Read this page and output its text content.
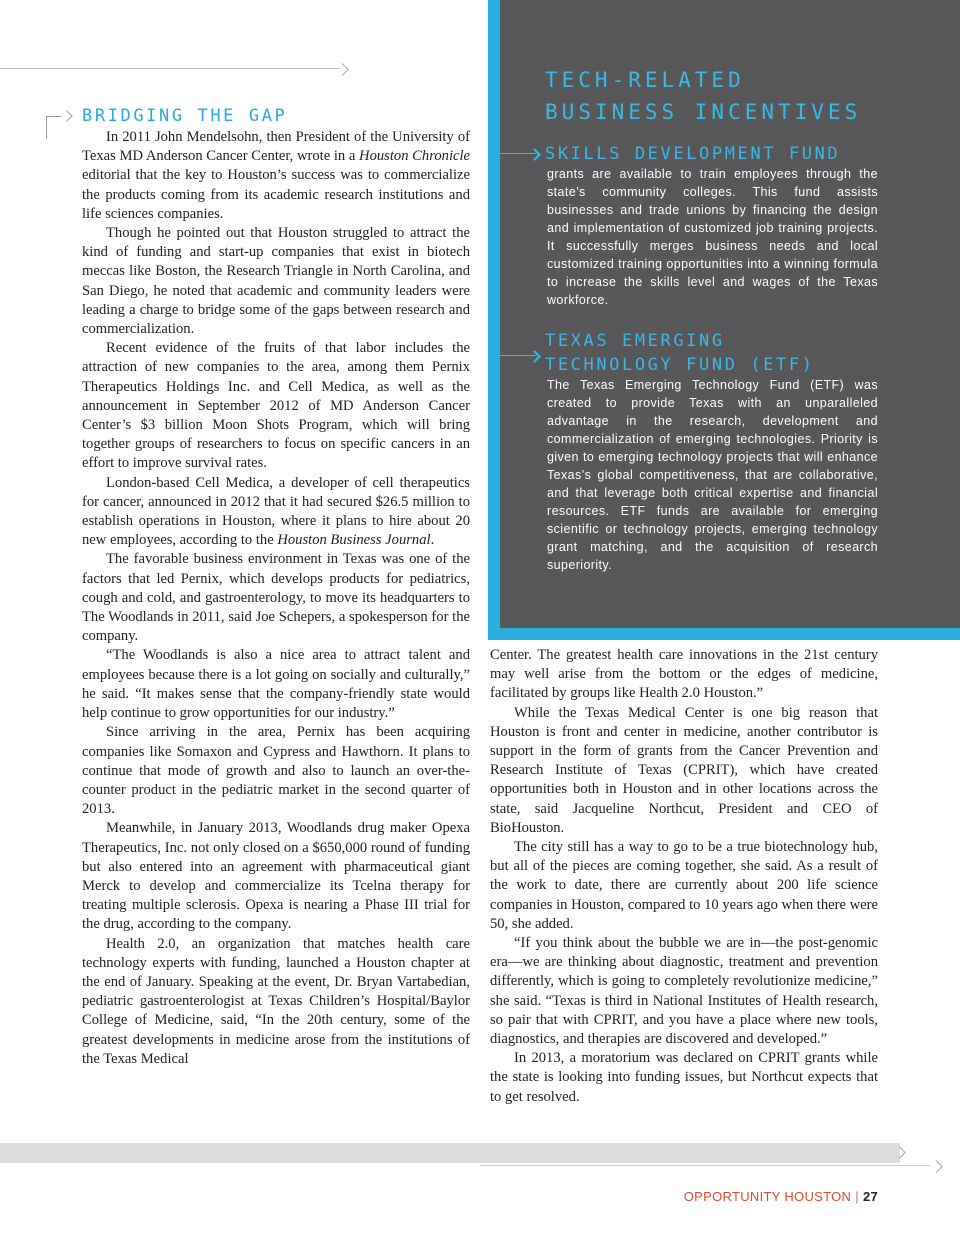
TECH-RELATED
BUSINESS INCENTIVES
SKILLS DEVELOPMENT FUND
grants are available to train employees through the state’s community colleges. This fund assists businesses and trade unions by financing the design and implementation of customized job training projects. It successfully merges business needs and local customized training opportunities into a winning formula to increase the skills level and wages of the Texas workforce.
TEXAS EMERGING
TECHNOLOGY FUND (ETF)
The Texas Emerging Technology Fund (ETF) was created to provide Texas with an unparalleled advantage in the research, development and commercialization of emerging technologies. Priority is given to emerging technology projects that will enhance Texas’s global competitiveness, that are collaborative, and that leverage both critical expertise and financial resources. ETF funds are available for emerging scientific or technology projects, emerging technology grant matching, and the acquisition of research superiority.
BRIDGING THE GAP

In 2011 John Mendelsohn, then President of the University of Texas MD Anderson Cancer Center, wrote in a Houston Chronicle editorial that the key to Houston’s success was to commercialize the products coming from its academic research institutions and life sciences companies.

Though he pointed out that Houston struggled to attract the kind of funding and start-up companies that exist in biotech meccas like Boston, the Research Triangle in North Carolina, and San Diego, he noted that academic and community leaders were leading a charge to bridge some of the gaps between research and commercialization.

Recent evidence of the fruits of that labor includes the attraction of new companies to the area, among them Pernix Therapeutics Holdings Inc. and Cell Medica, as well as the announcement in September 2012 of MD Anderson Cancer Center’s $3 billion Moon Shots Program, which will bring together groups of researchers to focus on specific cancers in an effort to improve survival rates.

London-based Cell Medica, a developer of cell therapeutics for cancer, announced in 2012 that it had secured $26.5 million to establish operations in Houston, where it plans to hire about 20 new employees, according to the Houston Business Journal.

The favorable business environment in Texas was one of the factors that led Pernix, which develops products for pediatrics, cough and cold, and gastroenterology, to move its headquarters to The Woodlands in 2011, said Joe Schepers, a spokesperson for the company.

“The Woodlands is also a nice area to attract talent and employees because there is a lot going on socially and culturally,” he said. “It makes sense that the company-friendly state would help continue to grow opportunities for our industry.”

Since arriving in the area, Pernix has been acquiring companies like Somaxon and Cypress and Hawthorn. It plans to continue that mode of growth and also to launch an over-the-counter product in the pediatric market in the second quarter of 2013.

Meanwhile, in January 2013, Woodlands drug maker Opexa Therapeutics, Inc. not only closed on a $650,000 round of funding but also entered into an agreement with pharmaceutical giant Merck to develop and commercialize its Tcelna therapy for treating multiple sclerosis. Opexa is nearing a Phase III trial for the drug, according to the company.

Health 2.0, an organization that matches health care technology experts with funding, launched a Houston chapter at the end of January. Speaking at the event, Dr. Bryan Vartabedian, pediatric gastroenterologist at Texas Children’s Hospital/Baylor College of Medicine, said, “In the 20th century, some of the greatest developments in medicine arose from the institutions of the Texas Medical

Center. The greatest health care innovations in the 21st century may well arise from the bottom or the edges of medicine, facilitated by groups like Health 2.0 Houston.”

While the Texas Medical Center is one big reason that Houston is front and center in medicine, another contributor is support in the form of grants from the Cancer Prevention and Research Institute of Texas (CPRIT), which have created opportunities both in Houston and in other locations across the state, said Jacqueline Northcut, President and CEO of BioHouston.

The city still has a way to go to be a true biotechnology hub, but all of the pieces are coming together, she said. As a result of the work to date, there are currently about 200 life science companies in Houston, compared to 10 years ago when there were 50, she added.

“If you think about the bubble we are in—the post-genomic era—we are thinking about diagnostic, treatment and prevention differently, which is going to completely revolutionize medicine,” she said. “Texas is third in National Institutes of Health research, so pair that with CPRIT, and you have a place where new tools, diagnostics, and therapies are discovered and developed.”

In 2013, a moratorium was declared on CPRIT grants while the state is looking into funding issues, but Northcut expects that to get resolved.

OPPORTUNITY HOUSTON | 27
